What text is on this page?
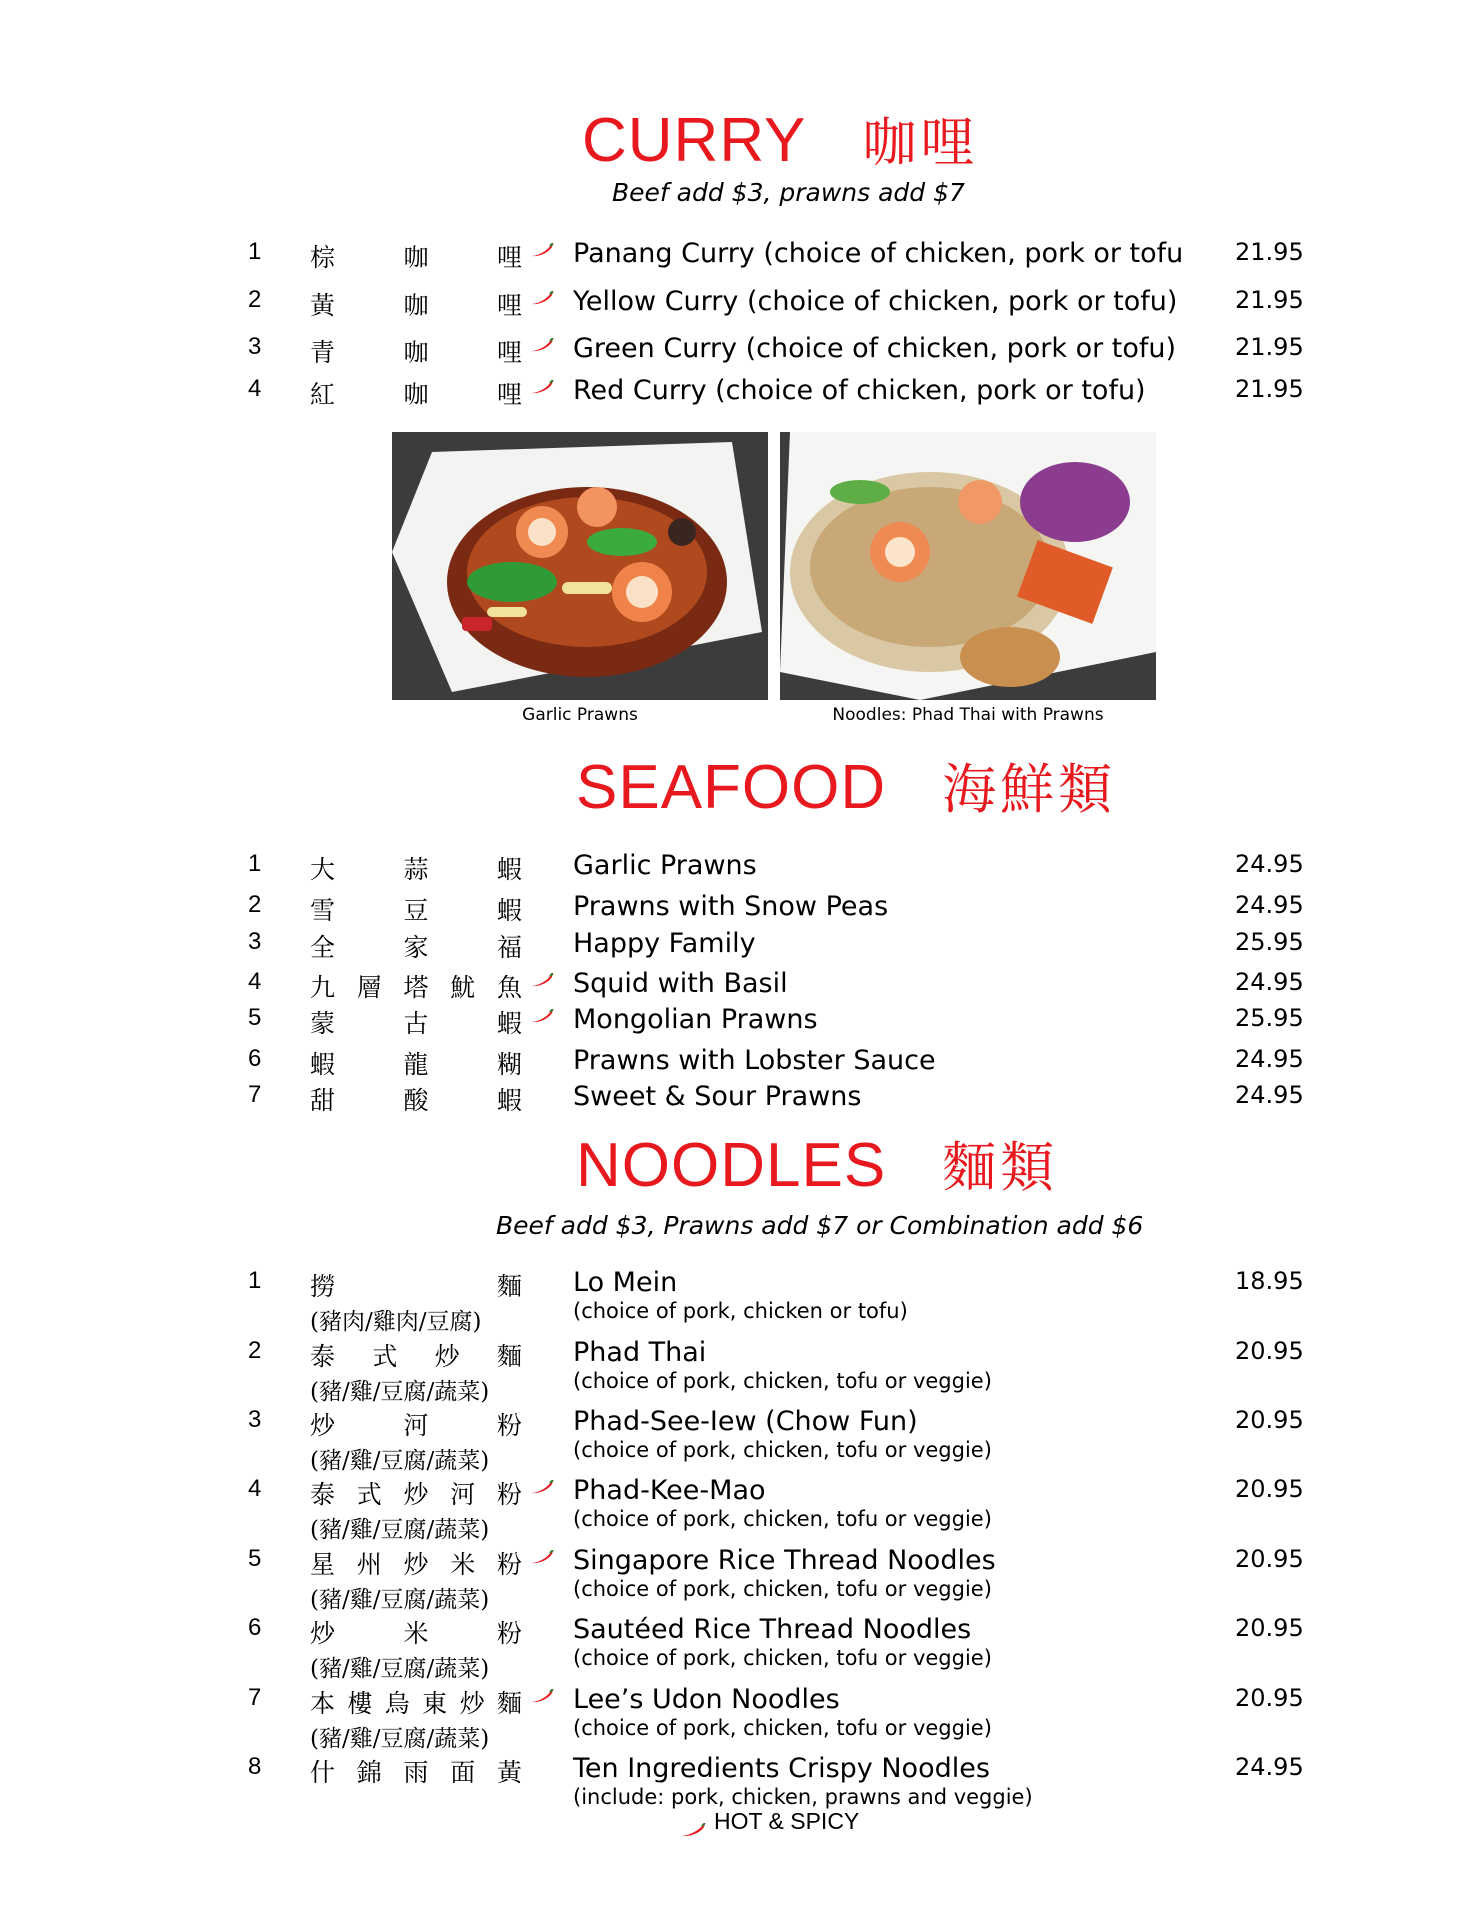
CURRY 咖哩
Beef add $3, prawns add $7
1 棕	咖	哩 Panang Curry (choice of chicken, pork or tofu 21.95
2 黃	咖	哩 Yellow Curry (choice of chicken, pork or tofu) 21.95
3 青	咖	哩 Green Curry (choice of chicken, pork or tofu) 21.95
4 紅	咖	哩 Red Curry (choice of chicken, pork or tofu)	21.95
Garlic Prawns	Noodles: Phad Thai with Prawns
SEAFOOD 海鮮類
1 大	蒜	蝦 Garlic Prawns	24.95
2 雪	豆	蝦 Prawns with Snow Peas	24.95
3 全	家	福 Happy Family	25.95
4 九 層 塔 魷 魚 Squid with Basil	24.95
5 蒙	古	蝦 Mongolian Prawns	25.95
6 蝦	龍	糊 Prawns with Lobster Sauce	24.95
7 甜	酸	蝦 Sweet & Sour Prawns	24.95
NOODLES 麵類
Beef add $3, Prawns add $7 or Combination add $6
1 撈	麵
(豬肉/雞肉/豆腐)
Lo Mein
(choice of pork, chicken or tofu)
18.95
2 泰 式 炒 麵
(豬/雞/豆腐/蔬菜)
Phad Thai
(choice of pork, chicken, tofu or veggie)
20.95
3 炒	河	粉
(豬/雞/豆腐/蔬菜)
Phad-See-Iew (Chow Fun)
(choice of pork, chicken, tofu or veggie)
20.95
4 泰 式 炒 河 粉
(豬/雞/豆腐/蔬菜)
Phad-Kee-Mao
(choice of pork, chicken, tofu or veggie)
20.95
5 星 州 炒 米 粉
(豬/雞/豆腐/蔬菜)
Singapore Rice Thread Noodles
(choice of pork, chicken, tofu or veggie)
20.95
6 炒	米	粉
(豬/雞/豆腐/蔬菜)
Sautéed Rice Thread Noodles
(choice of pork, chicken, tofu or veggie)
20.95
7 本 樓 烏 東 炒 麵
(豬/雞/豆腐/蔬菜)
Lee’s Udon Noodles
(choice of pork, chicken, tofu or veggie)
20.95
8 什 錦 雨 面 黃 Ten Ingredients Crispy Noodles
(include: pork, chicken, prawns and veggie)
24.95
HOT & SPICY
